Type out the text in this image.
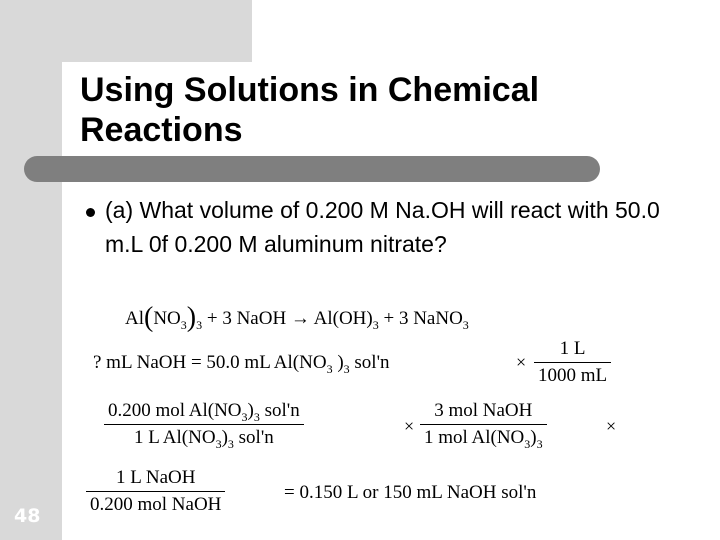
Using Solutions in Chemical Reactions
(a) What volume of 0.200 M Na.OH will react with 50.0 m.L 0f 0.200 M aluminum nitrate?
$Al(NO_3)_3 + 3$ NaOH → $Al(OH)_3 + 3$ NaNO$_3$
? mL NaOH = 50.0 mL $Al(NO_3$ )$_3$ sol'n	× $\frac{1 L}{1000 mL}$
0.200 mol $Al(NO_3)_3$ sol'n
1 L $Al(NO_3)_3$ sol'n
×
3 mol NaOH
1 mol $Al(NO_3)_3$
×
1 L NaOH
0.200 mol NaOH
= 0.150 L or 150 mL NaOH sol'n
48
